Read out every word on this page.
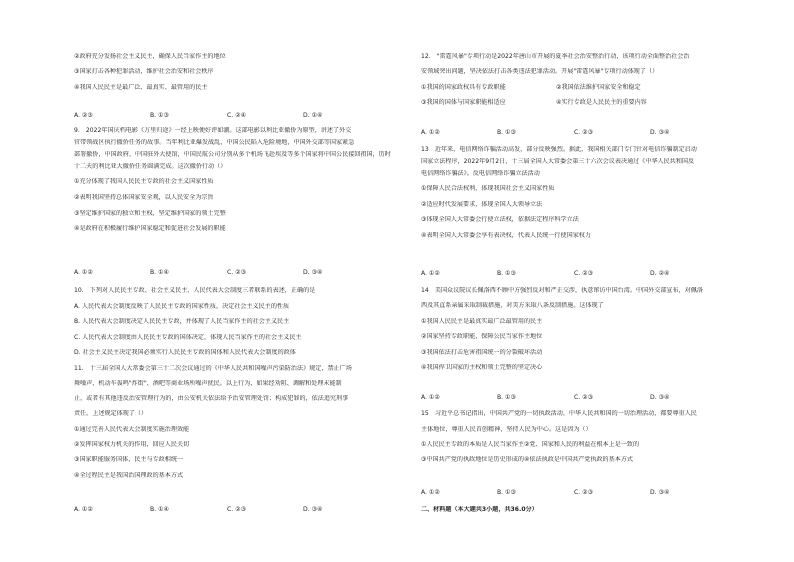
②政府充分发扬社会主义民主，确保人民当家作主的地位
③国家打击各种犯罪活动，维护社会治安和社会秩序
④我国人民民主是最广泛、最真实、最管用的民主
A. ②③	B. ①③	C. ②④	D. ①④
9.　2022年国庆档电影《万里归途》一经上映便好评如潮。这部电影以利比亚撤侨为原型，讲述了外交
官带领战区执行撤侨任务的故事。当年利比亚爆发战乱，中国公民陷入危险境地，中国外交部等国家紧急
部署撤侨，中国政府、中国驻外大使馆，中国民航公司分别从多个机场飞赴埃及等多个国家将中国公民接回祖国，历时
十二天的利比亚大撤侨任务圆满完成。这次撤侨行动（）
①充分体现了我国人民民主专政的社会主义国家性质
②表明我国坚持总体国家安全观，以人民安全为宗旨
③坚定维护国家的独立和主权，坚定维护国家的领土完整
④是政府在积极履行维护国家稳定和促进社会发展的职能
A. ①②	B. ①④	C. ②③	D. ③④
10.　下列对人民民主专政、社会主义民主、人民代表大会制度三者联系的表述，正确的是
A. 人民代表大会制度反映了人民民主专政的国家性质，决定社会主义民主的性质
B. 人民代表大会制度决定人民民主专政，并体现了人民当家作主的社会主义民主
C. 人民代表大会制度由人民民主专政的国体决定，体现人民当家作主的社会主义民主
D. 社会主义民主决定我国必须实行人民民主专政的国体和人民代表大会制度的政体
11.　十三届全国人大常委会第三十二次会议通过的《中华人民共和国噪声污染防治法》规定，禁止广场
舞噪声、机动车轰鸣"炸街"、酒吧等商业场所噪声扰民。以上行为，如果经劝阻、调解和处理未能制
止，或者有其他违反治安管理行为的，由公安机关依法给予治安管理处罚；构成犯罪的，依法追究刑事
责任。上述规定体现了（）
①通过完善人民代表大会制度实施治理效能
②发挥国家权力机关的作用，回应人民关切
③国家职能服务国体，民主与专政相统一
④全过程民主是我国治国理政的基本方式
A. ①②	B. ①④	C. ②③	D. ③④
12.　"雷霆风暴"专项行动是2022年唐山市开展的夏季社会治安整治行动，该项行动全面整治社会治
安领域突出问题，坚决依法打击各类违法犯罪活动。开展"雷霆风暴"专项行动体现了（）
①我国的国家政权具有专政职能	②我国依法维护国家安全和稳定
③我国的国体与国家职能相适应	④实行专政是人民民主的重要内容
A. ①②	B. ①③	C. ②③	D. ③④
13　近年来，电信网络诈骗活动高发，部分反映强烈。据此，我国相关部门专门针对电信诈骗制定启动
国家立法程序，2022年9月2日，十三届全国人大常委会第三十六次会议表决通过《中华人民共和国反
电信网络诈骗法》。反电信网络诈骗立法活动
①保障人民合法权利，体现我国社会主义国家性质
②适应时代发展要求，体现全国人大领导立法
③体现全国人大常委会行使立法权，依据法定程序科学立法
④表明全国人大常委会享有表决权，代表人民统一行使国家权力
A. ①②	B. ①③	C. ②③	D. ②④
14　美国众议院议长佩洛西不顾中方强烈反对和严正交涉，执意窜访中国台湾。中国外交部宣布，对佩洛
西及其直系亲属采取制裁措施，对美方采取八条反制措施。这体现了
①我国人民民主是最真实最广泛最管用的民主
②国家坚持专政职能，保障公民当家作主地位
③我国依法打击危害祖国统一的分裂破坏活动
④我国捍卫国家的主权和领土完整的坚定决心
A. ①②	B. ①③	C. ②③	D. ③④
15　习近平总书记指出，中国共产党的一切执政活动，中华人民共和国的一切治理活动，都要尊重人民
主体地位，尊重人民首创精神，坚持人民为中心。这是因为（）
①人民民主专政的本质是人民当家作主②党、国家和人民的利益在根本上是一致的
③中国共产党的执政地位是历史形成的④依法执政是中国共产党执政的基本方式
A. ①②	B. ①③	C. ②③	D. ③④
二、材料题（本大题共3小题，共36.0分）
